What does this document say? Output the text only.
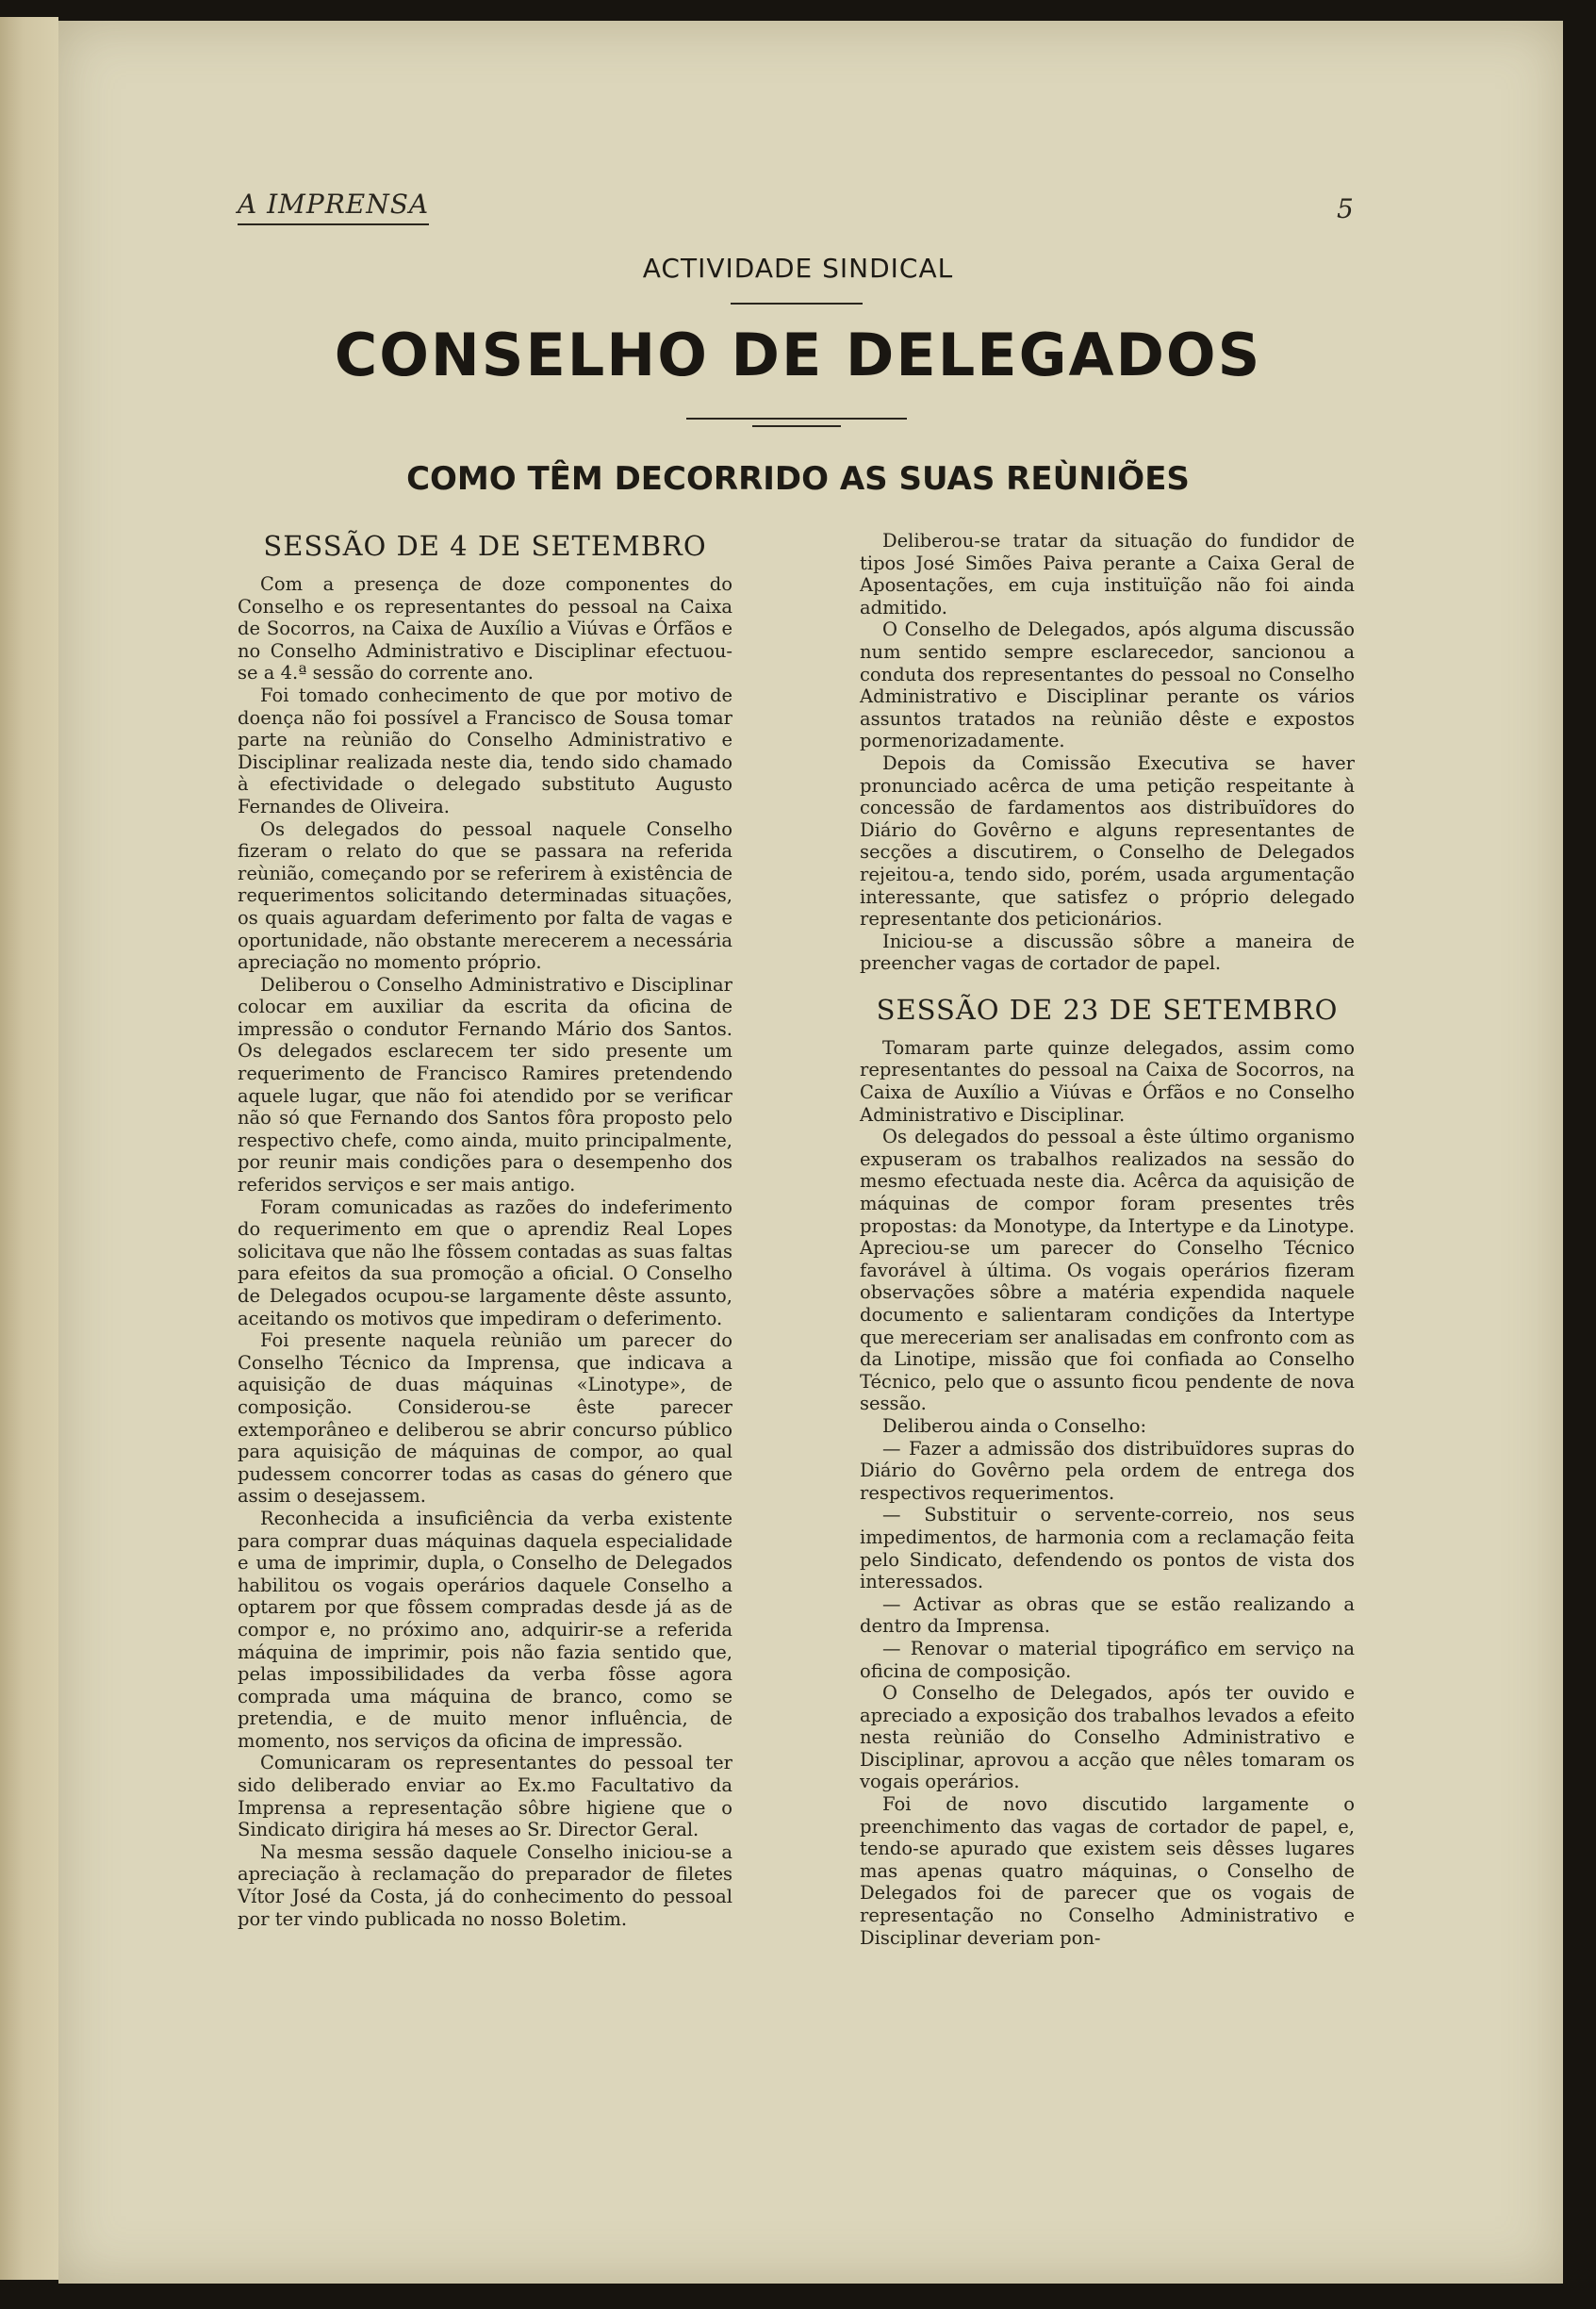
A IMPRENSA	5
ACTIVIDADE SINDICAL
CONSELHO DE DELEGADOS
COMO TÊM DECORRIDO AS SUAS REÙNIÕES
SESSÃO DE 4 DE SETEMBRO

Com a presença de doze componentes do Conselho e os representantes do pessoal na Caixa de Socorros, na Caixa de Auxílio a Viúvas e Órfãos e no Conselho Administrativo e Disciplinar efectuou-se a 4.ª sessão do corrente ano.

Foi tomado conhecimento de que por motivo de doença não foi possível a Francisco de Sousa tomar parte na reùnião do Conselho Administrativo e Disciplinar realizada neste dia, tendo sido chamado à efectividade o delegado substituto Augusto Fernandes de Oliveira.

Os delegados do pessoal naquele Conselho fizeram o relato do que se passara na referida reùnião, começando por se referirem à existência de requerimentos solicitando determinadas situações, os quais aguardam deferimento por falta de vagas e oportunidade, não obstante merecerem a necessária apreciação no momento próprio.

Deliberou o Conselho Administrativo e Disciplinar colocar em auxiliar da escrita da oficina de impressão o condutor Fernando Mário dos Santos. Os delegados esclarecem ter sido presente um requerimento de Francisco Ramires pretendendo aquele lugar, que não foi atendido por se verificar não só que Fernando dos Santos fôra proposto pelo respectivo chefe, como ainda, muito principalmente, por reunir mais condições para o desempenho dos referidos serviços e ser mais antigo.

Foram comunicadas as razões do indeferimento do requerimento em que o aprendiz Real Lopes solicitava que não lhe fôssem contadas as suas faltas para efeitos da sua promoção a oficial. O Conselho de Delegados ocupou-se largamente dêste assunto, aceitando os motivos que impediram o deferimento.

Foi presente naquela reùnião um parecer do Conselho Técnico da Imprensa, que indicava a aquisição de duas máquinas «Linotype», de composição. Considerou-se êste parecer extemporâneo e deliberou se abrir concurso público para aquisição de máquinas de compor, ao qual pudessem concorrer todas as casas do género que assim o desejassem.

Reconhecida a insuficiência da verba existente para comprar duas máquinas daquela especialidade e uma de imprimir, dupla, o Conselho de Delegados habilitou os vogais operários daquele Conselho a optarem por que fôssem compradas desde já as de compor e, no próximo ano, adquirir-se a referida máquina de imprimir, pois não fazia sentido que, pelas impossibilidades da verba fôsse agora comprada uma máquina de branco, como se pretendia, e de muito menor influência, de momento, nos serviços da oficina de impressão.

Comunicaram os representantes do pessoal ter sido deliberado enviar ao Ex.mo Facultativo da Imprensa a representação sôbre higiene que o Sindicato dirigira há meses ao Sr. Director Geral.

Na mesma sessão daquele Conselho iniciou-se a apreciação à reclamação do preparador de filetes Vítor José da Costa, já do conhecimento do pessoal por ter vindo publicada no nosso Boletim.

Deliberou-se tratar da situação do fundidor de tipos José Simões Paiva perante a Caixa Geral de Aposentações, em cuja instituïção não foi ainda admitido.

O Conselho de Delegados, após alguma discussão num sentido sempre esclarecedor, sancionou a conduta dos representantes do pessoal no Conselho Administrativo e Disciplinar perante os vários assuntos tratados na reùnião dêste e expostos pormenorizadamente.

Depois da Comissão Executiva se haver pronunciado acêrca de uma petição respeitante à concessão de fardamentos aos distribuïdores do Diário do Govêrno e alguns representantes de secções a discutirem, o Conselho de Delegados rejeitou-a, tendo sido, porém, usada argumentação interessante, que satisfez o próprio delegado representante dos peticionários.

Iniciou-se a discussão sôbre a maneira de preencher vagas de cortador de papel.

SESSÃO DE 23 DE SETEMBRO

Tomaram parte quinze delegados, assim como representantes do pessoal na Caixa de Socorros, na Caixa de Auxílio a Viúvas e Órfãos e no Conselho Administrativo e Disciplinar.

Os delegados do pessoal a êste último organismo expuseram os trabalhos realizados na sessão do mesmo efectuada neste dia. Acêrca da aquisição de máquinas de compor foram presentes três propostas: da Monotype, da Intertype e da Linotype. Apreciou-se um parecer do Conselho Técnico favorável à última. Os vogais operários fizeram observações sôbre a matéria expendida naquele documento e salientaram condições da Intertype que mereceriam ser analisadas em confronto com as da Linotipe, missão que foi confiada ao Conselho Técnico, pelo que o assunto ficou pendente de nova sessão.

Deliberou ainda o Conselho:

— Fazer a admissão dos distribuïdores supras do Diário do Govêrno pela ordem de entrega dos respectivos requerimentos.

— Substituir o servente-correio, nos seus impedimentos, de harmonia com a reclamação feita pelo Sindicato, defendendo os pontos de vista dos interessados.

— Activar as obras que se estão realizando a dentro da Imprensa.

— Renovar o material tipográfico em serviço na oficina de composição.

O Conselho de Delegados, após ter ouvido e apreciado a exposição dos trabalhos levados a efeito nesta reùnião do Conselho Administrativo e Disciplinar, aprovou a acção que nêles tomaram os vogais operários.

Foi de novo discutido largamente o preenchimento das vagas de cortador de papel, e, tendo-se apurado que existem seis dêsses lugares mas apenas quatro máquinas, o Conselho de Delegados foi de parecer que os vogais de representação no Conselho Administrativo e Disciplinar deveriam pon-
